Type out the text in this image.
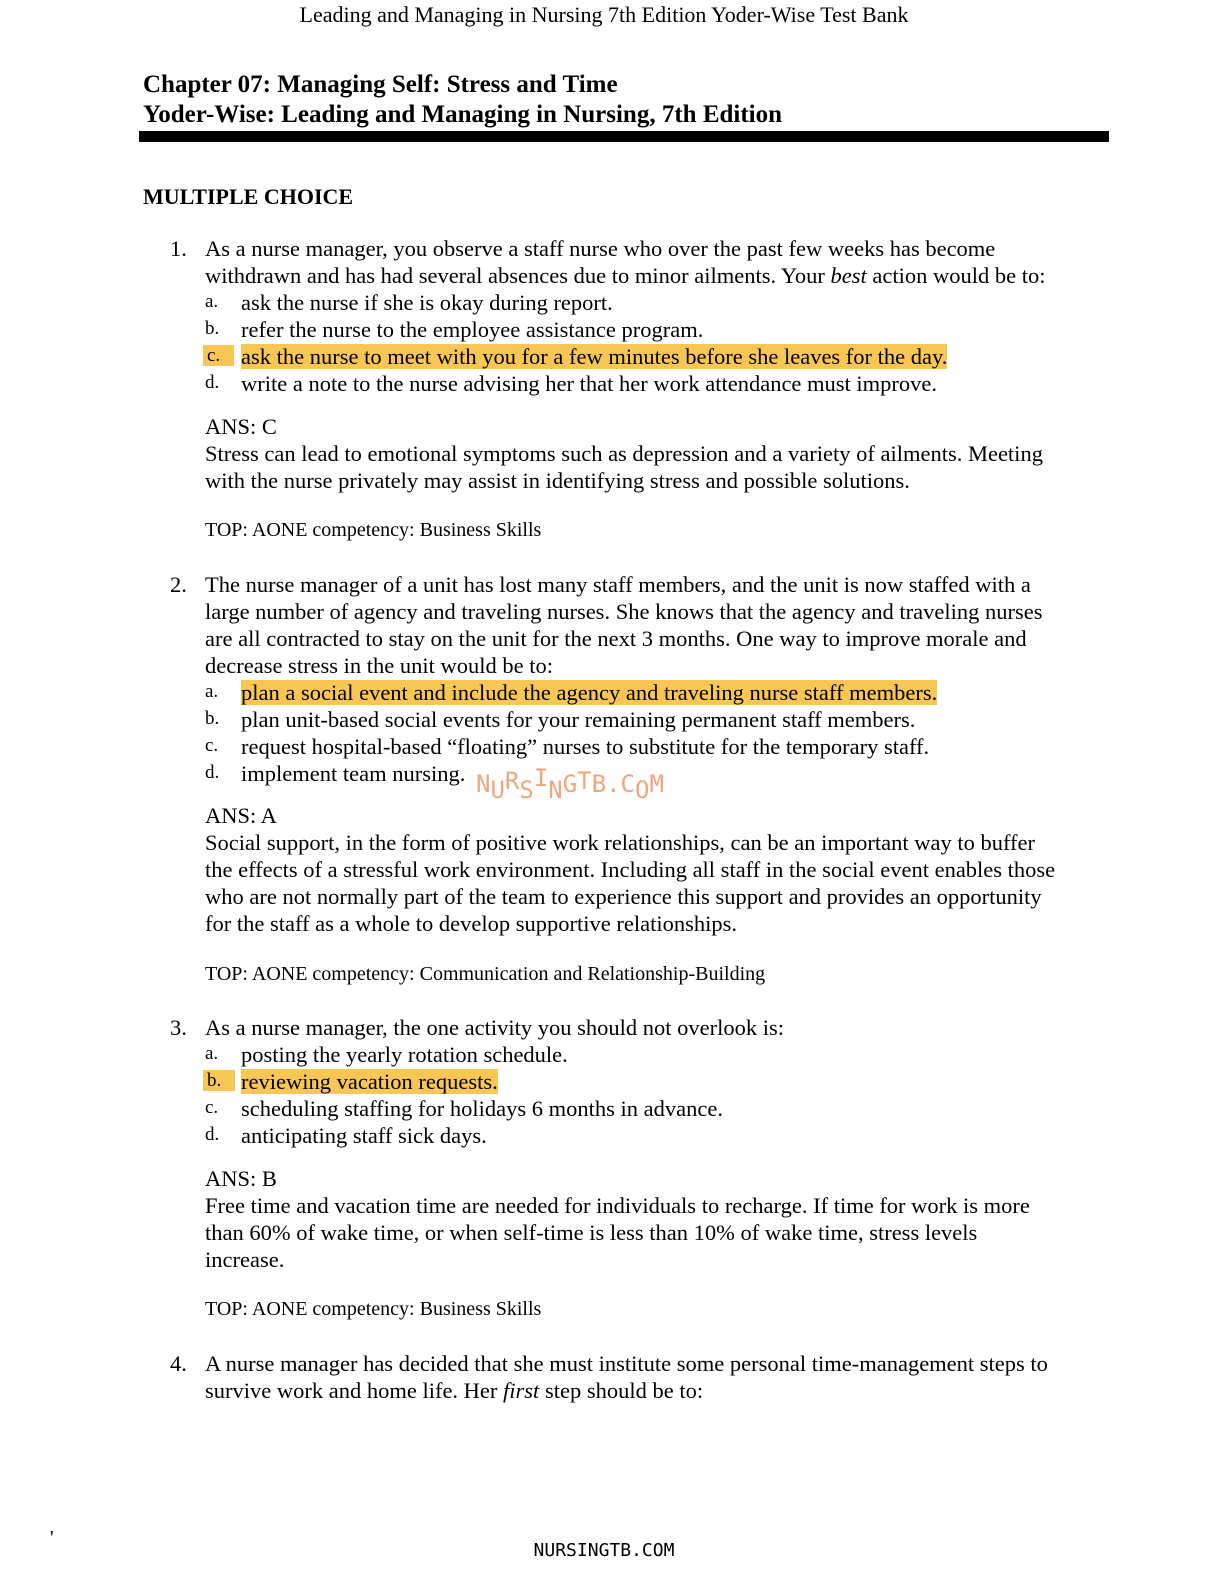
Leading and Managing in Nursing 7th Edition Yoder-Wise Test Bank
Chapter 07: Managing Self: Stress and Time
Yoder-Wise: Leading and Managing in Nursing, 7th Edition
MULTIPLE CHOICE
1. As a nurse manager, you observe a staff nurse who over the past few weeks has become
withdrawn and has had several absences due to minor ailments. Your best action would be to:
a. ask the nurse if she is okay during report.
b. refer the nurse to the employee assistance program.
c. ask the nurse to meet with you for a few minutes before she leaves for the day.
d. write a note to the nurse advising her that her work attendance must improve.
ANS: C
Stress can lead to emotional symptoms such as depression and a variety of ailments. Meeting
with the nurse privately may assist in identifying stress and possible solutions.
TOP: AONE competency: Business Skills
2. The nurse manager of a unit has lost many staff members, and the unit is now staffed with a
large number of agency and traveling nurses. She knows that the agency and traveling nurses
are all contracted to stay on the unit for the next 3 months. One way to improve morale and
decrease stress in the unit would be to:
a. plan a social event and include the agency and traveling nurse staff members.
b. plan unit-based social events for your remaining permanent staff members.
c. request hospital-based “floating” nurses to substitute for the temporary staff.
d. implement team nursing.
ANS: A
Social support, in the form of positive work relationships, can be an important way to buffer
the effects of a stressful work environment. Including all staff in the social event enables those
who are not normally part of the team to experience this support and provides an opportunity
for the staff as a whole to develop supportive relationships.
TOP: AONE competency: Communication and Relationship-Building
NURSINGTB.COM
3. As a nurse manager, the one activity you should not overlook is:
a. posting the yearly rotation schedule.
b. reviewing vacation requests.
c. scheduling staffing for holidays 6 months in advance.
d. anticipating staff sick days.
ANS: B
Free time and vacation time are needed for individuals to recharge. If time for work is more
than 60% of wake time, or when self-time is less than 10% of wake time, stress levels
increase.
TOP: AONE competency: Business Skills
4. A nurse manager has decided that she must institute some personal time-management steps to
survive work and home life. Her first step should be to:
'
NURSINGTB.COM
